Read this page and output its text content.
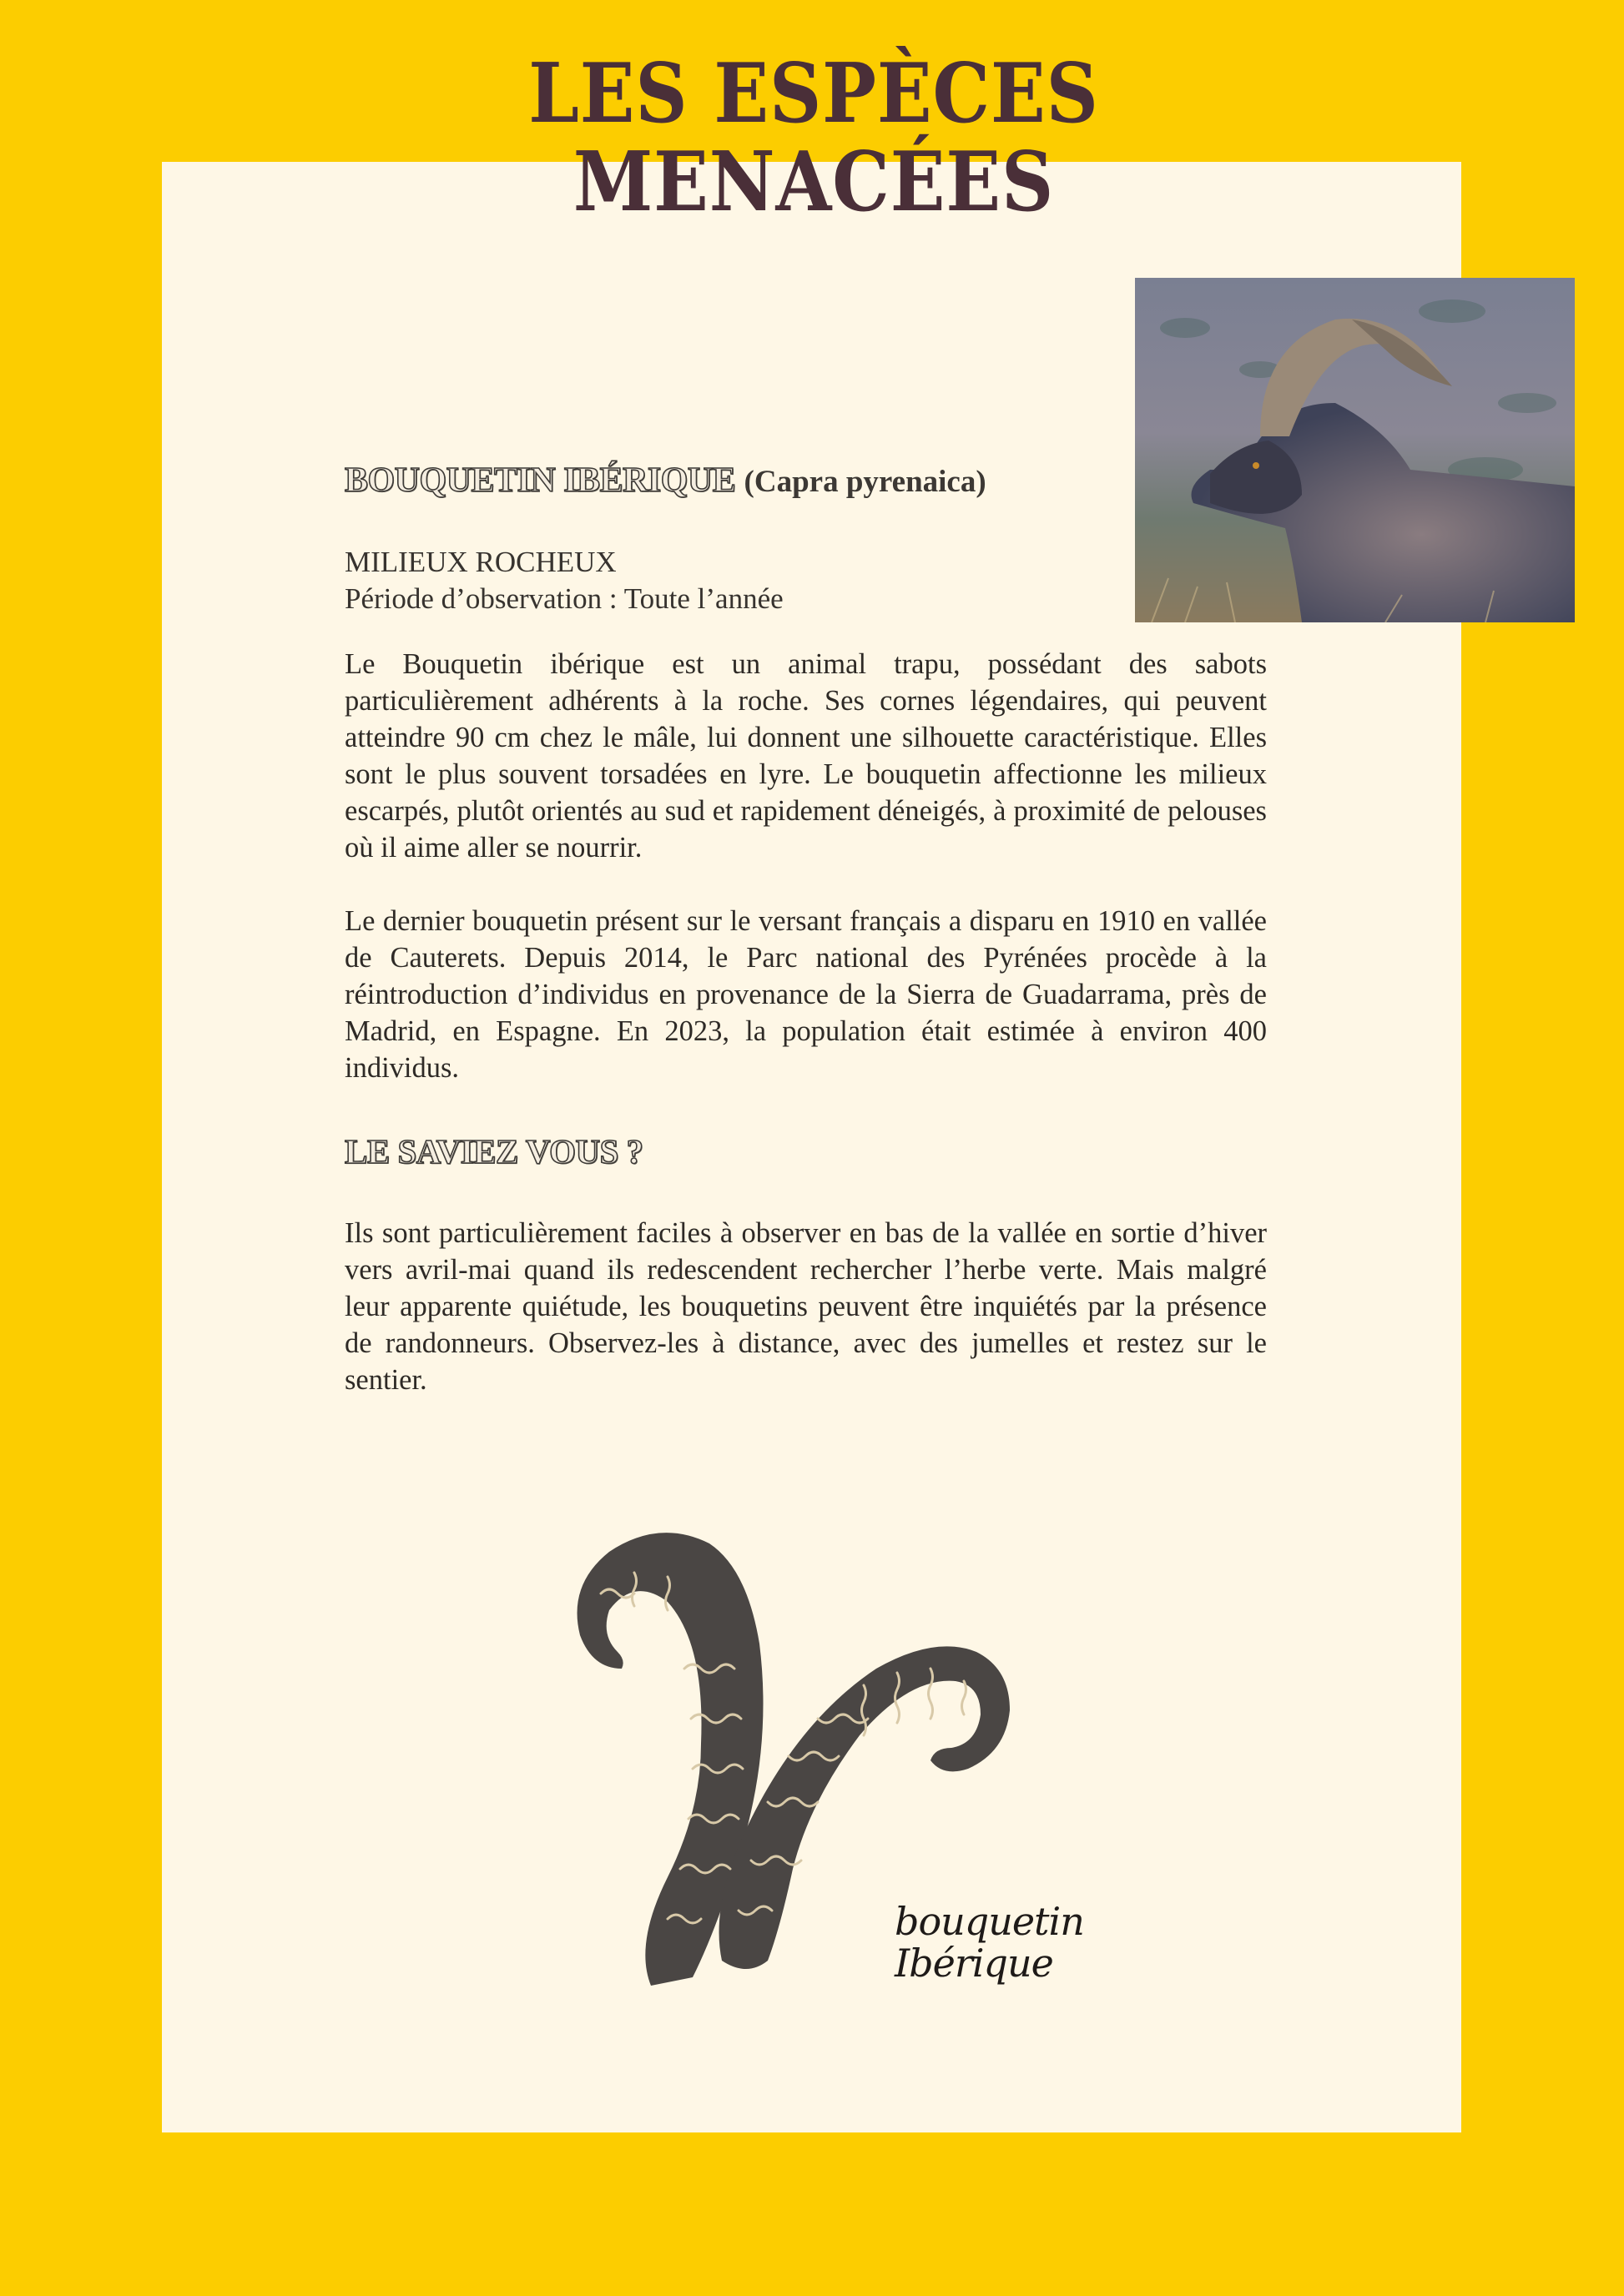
LES ESPÈCES
MENACÉES
BOUQUETIN IBÉRIQUE (Capra pyrenaica)
MILIEUX ROCHEUX
Période d’observation : Toute l’année

Le Bouquetin ibérique est un animal trapu, possédant des sabots particulièrement adhérents à la roche. Ses cornes légendaires, qui peuvent atteindre 90 cm chez le mâle, lui donnent une silhouette caractéristique. Elles sont le plus souvent torsadées en lyre. Le bouquetin affectionne les milieux escarpés, plutôt orientés au sud et rapidement déneigés, à proximité de pelouses où il aime aller se nourrir.

Le dernier bouquetin présent sur le versant français a disparu en 1910 en vallée de Cauterets. Depuis 2014, le Parc national des Pyrénées procède à la réintroduction d’individus en provenance de la Sierra de Guadarrama, près de Madrid, en Espagne. En 2023, la population était estimée à environ 400 individus.

LE SAVIEZ VOUS ?

Ils sont particulièrement faciles à observer en bas de la vallée en sortie d’hiver vers avril-mai quand ils redescendent rechercher l’herbe verte. Mais malgré leur apparente quiétude, les bouquetins peuvent être inquiétés par la présence de randonneurs. Observez-les à distance, avec des jumelles et restez sur le sentier.

bouquetin
Ibérique
